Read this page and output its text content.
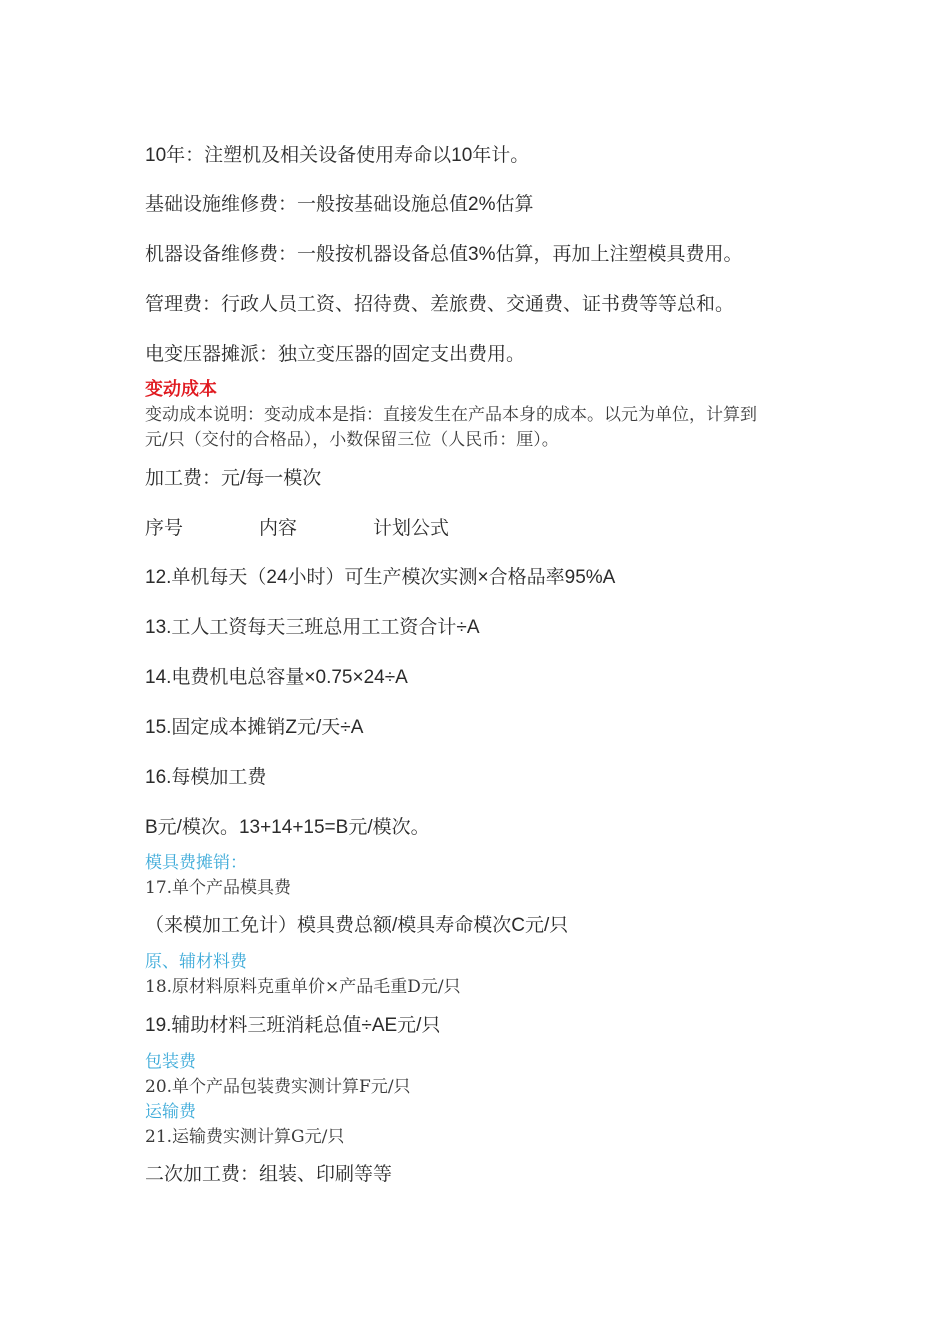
10年：注塑机及相关设备使用寿命以10年计。
基础设施维修费：一般按基础设施总值2%估算
机器设备维修费：一般按机器设备总值3%估算，再加上注塑模具费用。
管理费：行政人员工资、招待费、差旅费、交通费、证书费等等总和。
电变压器摊派：独立变压器的固定支出费用。
变动成本
变动成本说明：变动成本是指：直接发生在产品本身的成本。以元为单位，计算到
元/只（交付的合格品），小数保留三位（人民币：厘）。
加工费：元/每一模次
序号	内容	计划公式
12.单机每天（24小时）可生产模次实测×合格品率95%A
13.工人工资每天三班总用工工资合计÷A
14.电费机电总容量×0.75×24÷A
15.固定成本摊销Z元/天÷A
16.每模加工费
B元/模次。13+14+15=B元/模次。
模具费摊销：
17.单个产品模具费
（来模加工免计）模具费总额/模具寿命模次C元/只
原、辅材料费
18.原材料原料克重单价×产品毛重D元/只
19.辅助材料三班消耗总值÷AE元/只
包装费
20.单个产品包装费实测计算F元/只
运输费
21.运输费实测计算G元/只
二次加工费：组装、印刷等等
